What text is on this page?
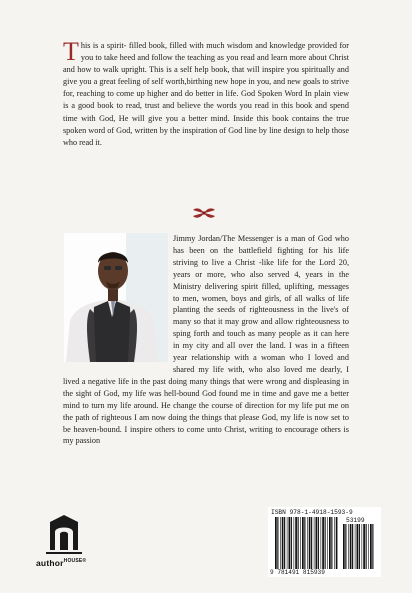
This is a spirit- filled book, filled with much wisdom and knowledge provided for you to take heed and follow the teaching as you read and learn more about Christ and how to walk upright. This is a self help book, that will inspire you spiritually and give you a great feeling of self worth,birthing new hope in you, and new goals to strive for, reaching to come up higher and do better in life. God Spoken Word In plain view is a good book to read, trust and believe the words you read in this book and spend time with God, He will give you a better mind. Inside this book contains the true spoken word of God, written by the inspiration of God line by line design to help those who read it.

Jimmy Jordan/The Messenger is a man of God who has been on the battlefield fighting for his life striving to live a Christ -like life for the Lord 20, years or more, who also served 4, years in the Ministry delivering spirit filled, uplifting, messages to men, women, boys and girls, of all walks of life planting the seeds of righteousness in the live's of many so that it may grow and allow righteousness to sping forth and touch as many people as it can here in my city and all over the land. I was in a fifteen year relationship with a woman who I loved and shared my life with, who also loved me dearly, I lived a negative life in the past doing many things that were wrong and displeasing in the sight of God, my life was hell-bound God found me in time and gave me a better mind to turn my life around. He change the course of direction for my life put me on the path of righteous I am now doing the things that please God, my life is now set to be heaven-bound. I inspire others to come unto Christ, writing to encourage others is my passion

author$^{HOUSE®}$
ISBN 978-1-4918-1593-9
53199
9 781491 815939
